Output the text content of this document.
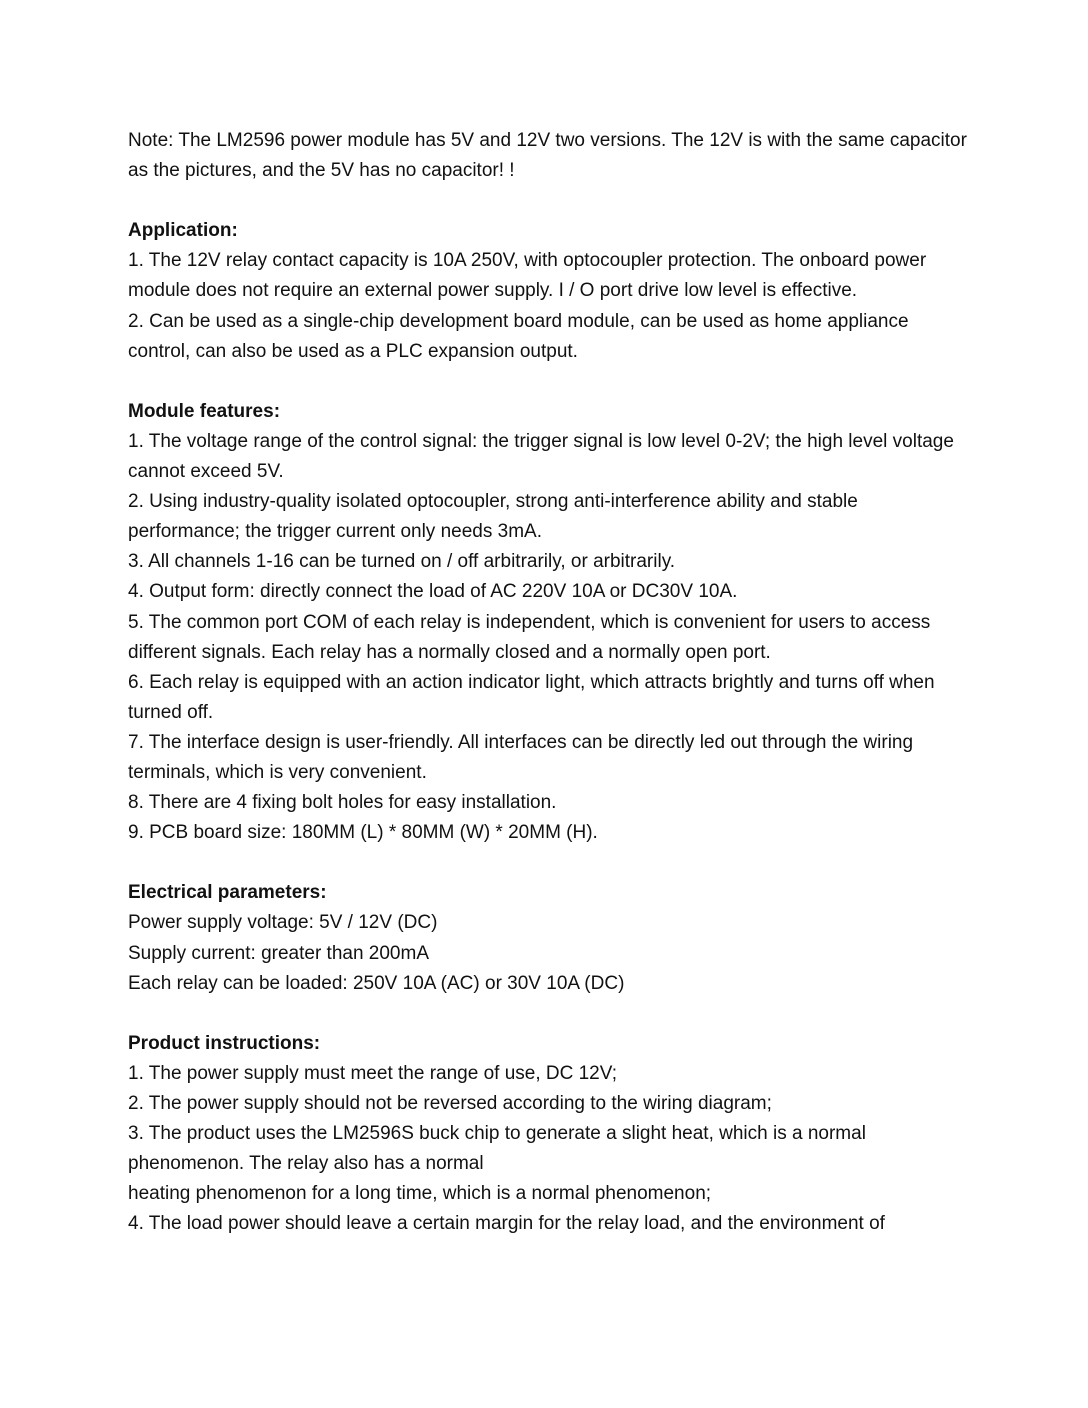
Note: The LM2596 power module has 5V and 12V two versions. The 12V is with the same capacitor as the pictures, and the 5V has no capacitor! !

Application:

1. The 12V relay contact capacity is 10A 250V, with optocoupler protection. The onboard power module does not require an external power supply. I / O port drive low level is effective.

2. Can be used as a single-chip development board module, can be used as home appliance control, can also be used as a PLC expansion output.

Module features:

1. The voltage range of the control signal: the trigger signal is low level 0-2V; the high level voltage cannot exceed 5V.

2. Using industry-quality isolated optocoupler, strong anti-interference ability and stable performance; the trigger current only needs 3mA.

3. All channels 1-16 can be turned on / off arbitrarily, or arbitrarily.

4. Output form: directly connect the load of AC 220V 10A or DC30V 10A.

5. The common port COM of each relay is independent, which is convenient for users to access different signals. Each relay has a normally closed and a normally open port.

6. Each relay is equipped with an action indicator light, which attracts brightly and turns off when turned off.

7. The interface design is user-friendly. All interfaces can be directly led out through the wiring terminals, which is very convenient.

8. There are 4 fixing bolt holes for easy installation.

9. PCB board size: 180MM (L) * 80MM (W) * 20MM (H).

Electrical parameters:

Power supply voltage: 5V / 12V (DC)

Supply current: greater than 200mA

Each relay can be loaded: 250V 10A (AC) or 30V 10A (DC)

Product instructions:

1. The power supply must meet the range of use, DC 12V;

2. The power supply should not be reversed according to the wiring diagram;

3. The product uses the LM2596S buck chip to generate a slight heat, which is a normal phenomenon. The relay also has a normal

heating phenomenon for a long time, which is a normal phenomenon;

4. The load power should leave a certain margin for the relay load, and the environment of
